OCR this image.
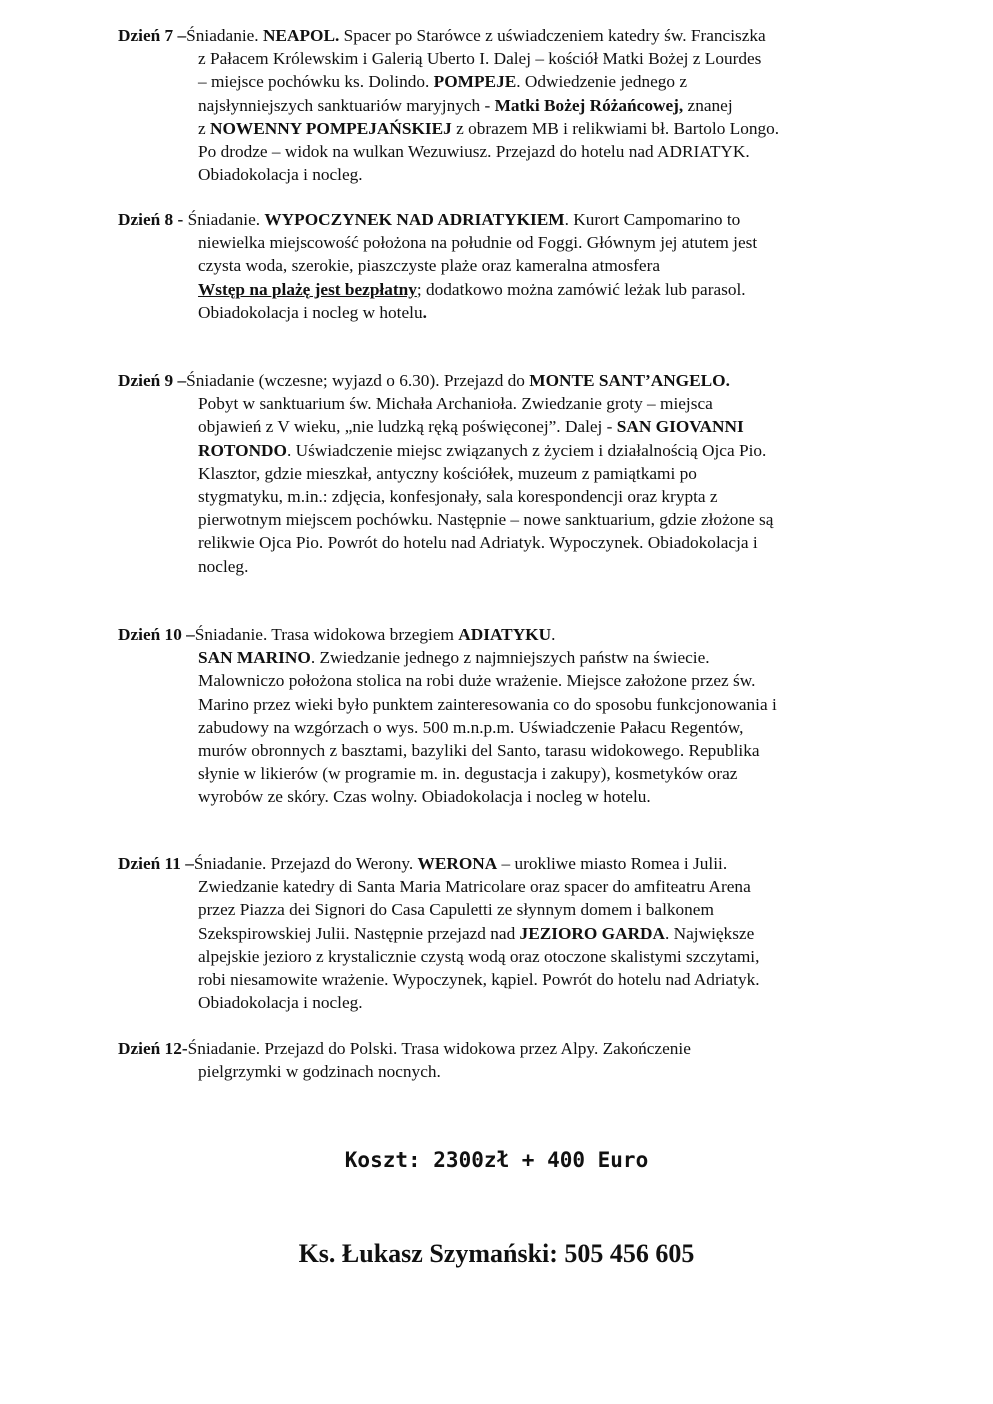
Dzień 7 –Śniadanie. NEAPOL. Spacer po Starówce z uświadczeniem katedry św. Franciszka
z Pałacem Królewskim i Galerią Uberto I. Dalej – kościół Matki Bożej z Lourdes
– miejsce pochówku ks. Dolindo. POMPEJE. Odwiedzenie jednego z
najsłynniejszych sanktuariów maryjnych - Matki Bożej Różańcowej, znanej
z NOWENNY POMPEJAŃSKIEJ z obrazem MB i relikwiami bł. Bartolo Longo.
Po drodze – widok na wulkan Wezuwiusz. Przejazd do hotelu nad ADRIATYK.
Obiadokolacja i nocleg.
Dzień 8 - Śniadanie. WYPOCZYNEK NAD ADRIATYKIEM. Kurort Campomarino to
niewielka miejscowość położona na południe od Foggi. Głównym jej atutem jest
czysta woda, szerokie, piaszczyste plaże oraz kameralna atmosfera
Wstęp na plażę jest bezpłatny; dodatkowo można zamówić leżak lub parasol.
Obiadokolacja i nocleg w hotelu.
Dzień 9 –Śniadanie (wczesne; wyjazd o 6.30). Przejazd do MONTE SANT’ANGELO.
Pobyt w sanktuarium św. Michała Archanioła. Zwiedzanie groty – miejsca
objawień z V wieku, „nie ludzką ręką poświęconej”. Dalej - SAN GIOVANNI
ROTONDO. Uświadczenie miejsc związanych z życiem i działalnością Ojca Pio.
Klasztor, gdzie mieszkał, antyczny kościółek, muzeum z pamiątkami po
stygmatyku, m.in.: zdjęcia, konfesjonały, sala korespondencji oraz krypta z
pierwotnym miejscem pochówku. Następnie – nowe sanktuarium, gdzie złożone są
relikwie Ojca Pio. Powrót do hotelu nad Adriatyk. Wypoczynek. Obiadokolacja i
nocleg.
Dzień 10 –Śniadanie. Trasa widokowa brzegiem ADIATYKU.
SAN MARINO. Zwiedzanie jednego z najmniejszych państw na świecie.
Malowniczo położona stolica na robi duże wrażenie. Miejsce założone przez św.
Marino przez wieki było punktem zainteresowania co do sposobu funkcjonowania i
zabudowy na wzgórzach o wys. 500 m.n.p.m. Uświadczenie Pałacu Regentów,
murów obronnych z basztami, bazyliki del Santo, tarasu widokowego. Republika
słynie w likierów (w programie m. in. degustacja i zakupy), kosmetyków oraz
wyrobów ze skóry. Czas wolny. Obiadokolacja i nocleg w hotelu.
Dzień 11 –Śniadanie. Przejazd do Werony. WERONA – urokliwe miasto Romea i Julii.
Zwiedzanie katedry di Santa Maria Matricolare oraz spacer do amfiteatru Arena
przez Piazza dei Signori do Casa Capuletti ze słynnym domem i balkonem
Szekspirowskiej Julii. Następnie przejazd nad JEZIORO GARDA. Największe
alpejskie jezioro z krystalicznie czystą wodą oraz otoczone skalistymi szczytami,
robi niesamowite wrażenie. Wypoczynek, kąpiel. Powrót do hotelu nad Adriatyk.
Obiadokolacja i nocleg.
Dzień 12-Śniadanie. Przejazd do Polski. Trasa widokowa przez Alpy. Zakończenie
pielgrzymki w godzinach nocnych.
Koszt: 2300zł + 400 Euro
Ks. Łukasz Szymański: 505 456 605
